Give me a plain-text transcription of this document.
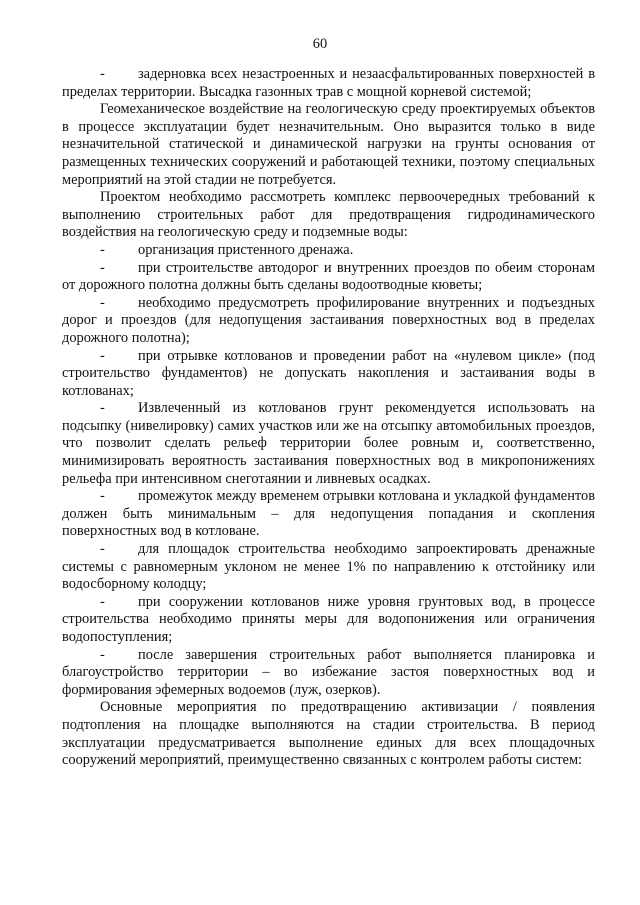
60

- задерновка всех незастроенных и незаасфальтированных поверхностей в пределах территории. Высадка газонных трав с мощной корневой системой;

Геомеханическое воздействие на геологическую среду проектируемых объектов в процессе эксплуатации будет незначительным. Оно выразится только в виде незначительной статической и динамической нагрузки на грунты основания от размещенных технических сооружений и работающей техники, поэтому специальных мероприятий на этой стадии не потребуется.

Проектом необходимо рассмотреть комплекс первоочередных требований к выполнению строительных работ для предотвращения гидродинамического воздействия на геологическую среду и подземные воды:

- организация пристенного дренажа.

- при строительстве автодорог и внутренних проездов по обеим сторонам от дорожного полотна должны быть сделаны водоотводные кюветы;

- необходимо предусмотреть профилирование внутренних и подъездных дорог и проездов (для недопущения застаивания поверхностных вод в пределах дорожного полотна);

- при отрывке котлованов и проведении работ на «нулевом цикле» (под строительство фундаментов) не допускать накопления и застаивания воды в котлованах;

- Извлеченный из котлованов грунт рекомендуется использовать на подсыпку (нивелировку) самих участков или же на отсыпку автомобильных проездов, что позволит сделать рельеф территории более ровным и, соответственно, минимизировать вероятность застаивания поверхностных вод в микропонижениях рельефа при интенсивном снеготаянии и ливневых осадках.

- промежуток между временем отрывки котлована и укладкой фундаментов должен быть минимальным – для недопущения попадания и скопления поверхностных вод в котловане.

- для площадок строительства необходимо запроектировать дренажные системы с равномерным уклоном не менее 1% по направлению к отстойнику или водосборному колодцу;

- при сооружении котлованов ниже уровня грунтовых вод, в процессе строительства необходимо приняты меры для водопонижения или ограничения водопоступления;

- после завершения строительных работ выполняется планировка и благоустройство территории – во избежание застоя поверхностных вод и формирования эфемерных водоемов (луж, озерков).

Основные мероприятия по предотвращению активизации / появления подтопления на площадке выполняются на стадии строительства. В период эксплуатации предусматривается выполнение единых для всех площадочных сооружений мероприятий, преимущественно связанных с контролем работы систем:
